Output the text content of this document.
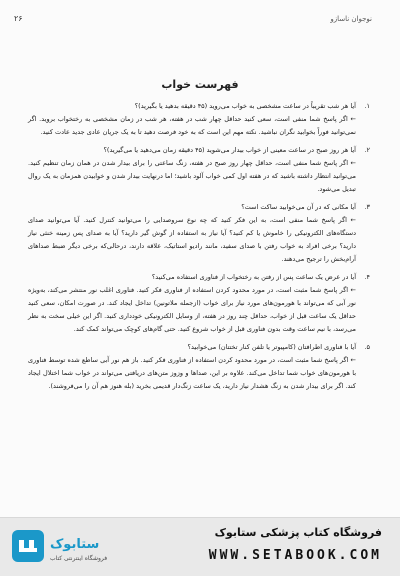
۲۶	نوجوان ناسازو
فهرست خواب
۱.
آیا هر شب تقریباً در ساعت مشخصی به خواب می‌روید (۴۵ دقیقه بدهید یا بگیرید)؟
← اگر پاسخ شما منفی است، سعی کنید حداقل چهار شب در هفته، هر شب در زمان مشخصی به رختخواب بروید. اگر نمی‌توانید فوراً بخوابید نگران نباشید. نکته مهم این است که به خود فرصت دهید تا به یک جریان عادی جدید عادت کنید.
۲.
آیا هر روز صبح در ساعت معینی از خواب بیدار می‌شوید (۴۵ دقیقه زمان می‌دهید یا می‌گیرید)؟
← اگر پاسخ شما منفی است، حداقل چهار روز صبح در هفته، زنگ ساعتی را برای بیدار شدن در همان زمان تنظیم کنید. می‌توانید انتظار داشته باشید که در هفته اول کمی خواب آلود باشید؛ اما درنهایت بیدار شدن و خوابیدن همزمان به یک روال تبدیل می‌شود.
۳.
آیا مکانی که در آن می‌خوابید ساکت است؟
← اگر پاسخ شما منفی است، به این فکر کنید که چه نوع سروصدایی را می‌توانید کنترل کنید. آیا می‌توانید صدای دستگاه‌های الکترونیکی را خاموش یا کم کنید؟ آیا نیاز به استفاده از گوش گیر دارید؟ آیا به صدای پس زمینه خنثی نیاز دارید؟ برخی افراد به خواب رفتن با صدای سفید، مانند رادیو استاتیک، علاقه دارند، درحالی‌که برخی دیگر ضبط صداهای آرام‌بخش را ترجیح می‌دهند.
۴.
آیا در عرض یک ساعت پس از رفتن به رختخواب از فناوری استفاده می‌کنید؟
← اگر پاسخ شما مثبت است، در مورد محدود کردن استفاده از فناوری فکر کنید. فناوری اغلب نور منتشر می‌کند، به‌ویژه نور آبی که می‌تواند با هورمون‌های مورد نیاز برای خواب (ازجمله ملاتونین) تداخل ایجاد کند. در صورت امکان، سعی کنید حداقل یک ساعت قبل از خواب، حداقل چند روز در هفته، از وسایل الکترونیکی خودداری کنید. اگر این خیلی سخت به نظر می‌رسد، با نیم ساعت وقت بدون فناوری قبل از خواب شروع کنید. حتی گام‌های کوچک می‌تواند کمک کند.
۵.
آیا با فناوری اطرافتان (کامپیوتر یا تلفن کنار تختتان) می‌خوابید؟
← اگر پاسخ شما مثبت است، در مورد محدود کردن استفاده از فناوری فکر کنید. باز هم نور آبی ساطع شده توسط فناوری با هورمون‌های خواب شما تداخل می‌کند. علاوه بر این، صداها و وزوز متن‌های دریافتی می‌تواند در خواب شما اختلال ایجاد کند. اگر برای بیدار شدن به زنگ هشدار نیاز دارید، یک ساعت زنگ‌دار قدیمی بخرید (بله هنوز هم آن را می‌فروشند).
ستابوک
فروشگاه اینترنتی کتاب
فروشگاه کتاب پزشکی ستابوک
WWW.SETABOOK.COM
